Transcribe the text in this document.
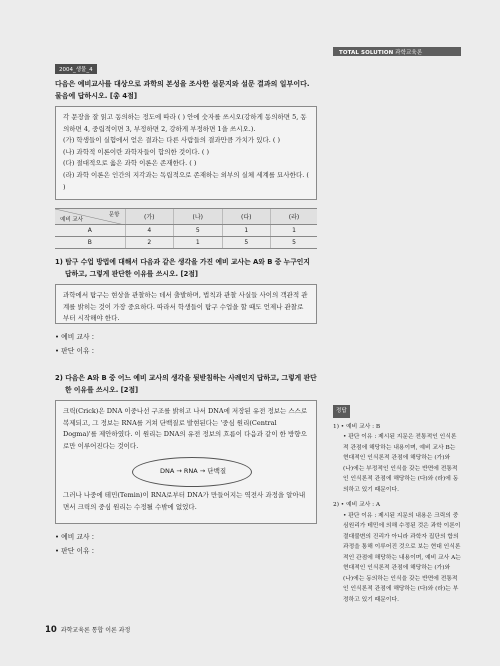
TOTAL SOLUTION 과학교육론
2004_생물_4
다음은 예비교사를 대상으로 과학의 본성을 조사한 설문지와 설문 결과의 일부이다. 물음에 답하시오. [총 4점]

각 문장을 잘 읽고 동의하는 정도에 따라 ( ) 안에 숫자를 쓰시오(강하게 동의하면 5, 동의하면 4, 중립적이면 3, 부정하면 2, 강하게 부정하면 1을 쓰시오.).

(가) 학생들이 실험에서 얻은 결과는 다른 사람들의 결과만큼 가치가 있다. ( )

(나) 과학적 이론이란 과학자들이 합의한 것이다. ( )

(다) 절대적으로 옳은 과학 이론은 존재한다. ( )

(라) 과학 이론은 인간의 지각과는 독립적으로 존재하는 외부의 실체 세계를 묘사한다. ( )

문항
예비 교사	(가)	(나)	(다)	(라)
A	4	5	1	1
B	2	1	5	5
1) 탐구 수업 방법에 대해서 다음과 같은 생각을 가진 예비 교사는 A와 B 중 누구인지 답하고, 그렇게 판단한 이유를 쓰시오. [2점]

과학에서 탐구는 현상을 관찰하는 데서 출발하며, 법칙과 관찰 사실들 사이의 객관적 관계를 밝히는 것이 가장 중요하다. 따라서 학생들이 탐구 수업을 할 때도 언제나 관찰로부터 시작해야 한다.

• 예비 교사 :
• 판단 이유 :
2) 다음은 A와 B 중 어느 예비 교사의 생각을 뒷받침하는 사례인지 답하고, 그렇게 판단한 이유를 쓰시오. [2점]

크릭(Crick)은 DNA 이중나선 구조를 밝히고 나서 DNA에 저장된 유전 정보는 스스로 복제되고, 그 정보는 RNA를 거쳐 단백질로 발현된다는 '중심 원리(Central Dogma)'를 제안하였다. 이 원리는 DNA의 유전 정보의 흐름이 다음과 같이 한 방향으로만 이루어진다는 것이다.

DNA → RNA → 단백질

그러나 나중에 테민(Temin)이 RNA로부터 DNA가 만들어지는 역전사 과정을 알아내면서 크릭의 중심 원리는 수정될 수밖에 없었다.

• 예비 교사 :
• 판단 이유 :
정답
1) • 예비 교사 : B
• 판단 이유 : 제시된 지문은 전통적인 인식론적 관점에 해당하는 내용이며, 예비 교사 B는 현대적인 인식론적 관점에 해당하는 (가)와 (나)에는 부정적인 인식을 갖는 반면에 전통적인 인식론적 관점에 해당하는 (다)와 (라)에 동의하고 있기 때문이다.
2) • 예비 교사 : A
• 판단 이유 : 제시된 지문의 내용은 크릭의 중심원리가 테민에 의해 수정된 것은 과학 이론이 절대불변의 진리가 아니라 과학자 집단의 합의 과정을 통해 이루어진 것으로 보는 현대 인식론적인 관점에 해당하는 내용이며, 예비 교사 A는 현대적인 인식론적 관점에 해당하는 (가)와 (나)에는 동의하는 인식을 갖는 반면에 전통적인 인식론적 관점에 해당하는 (다)와 (라)는 부정하고 있기 때문이다.
10 과학교육론 통합 이론 과정
